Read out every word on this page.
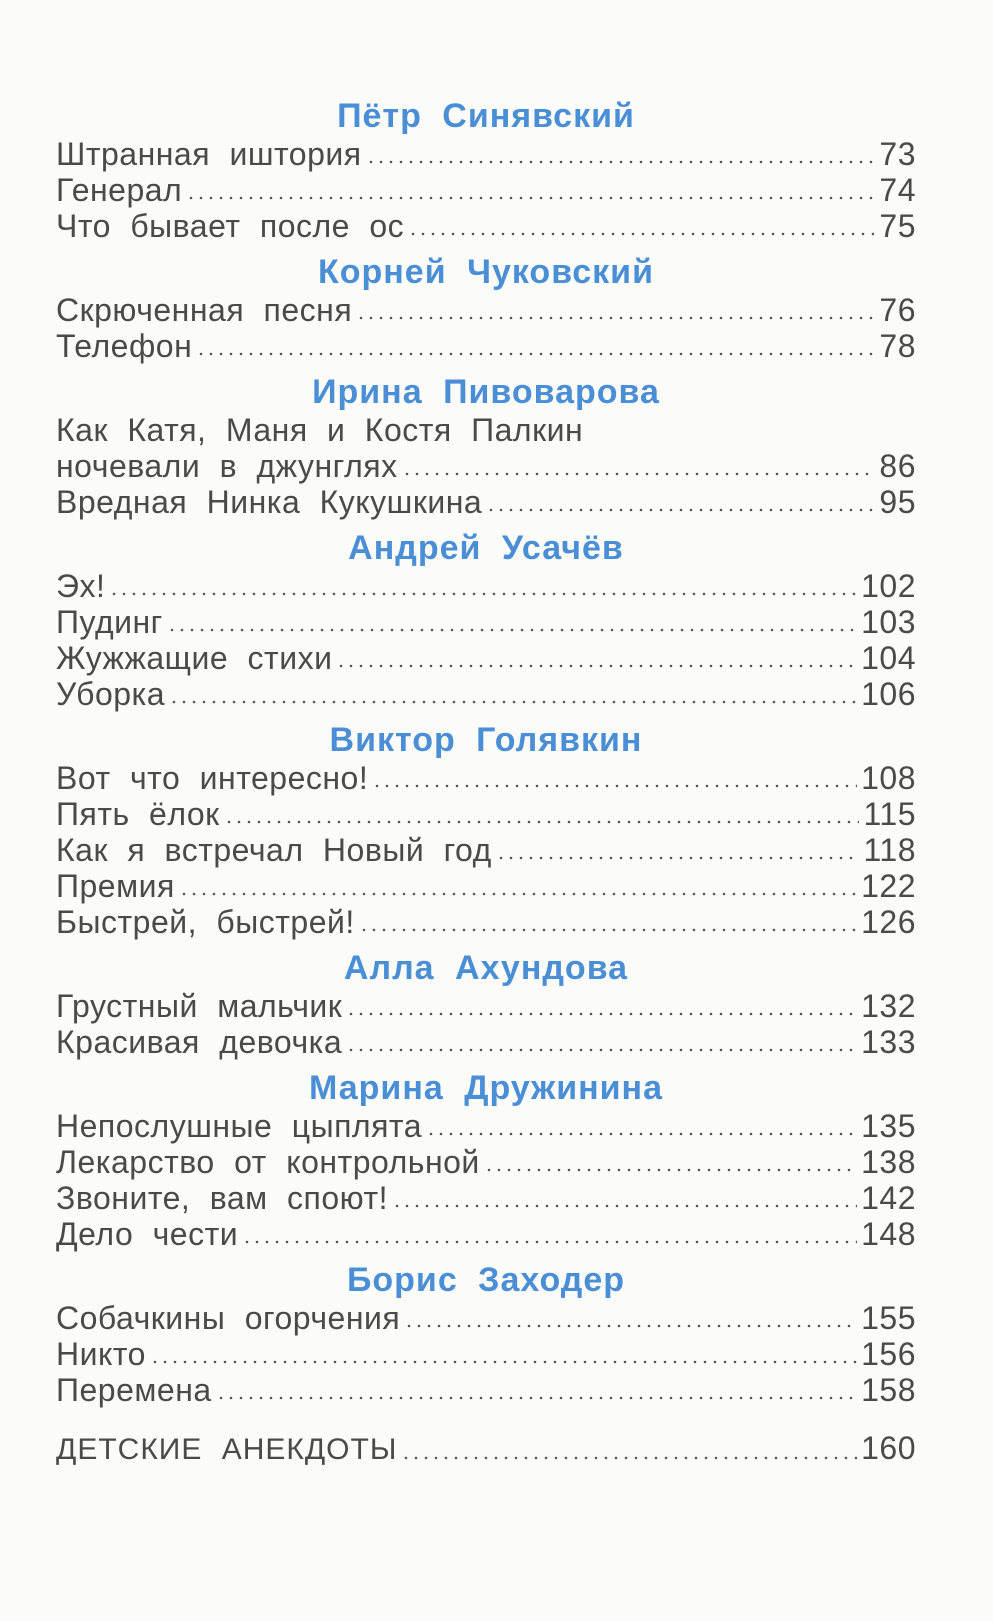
Пётр Синявский
Штранная иштория	73
Генерал	74
Что бывает после ос	75
Корней Чуковский
Скрюченная песня	76
Телефон	78
Ирина Пивоварова
Как Катя, Маня и Костя Палкин
ночевали в джунглях	86
Вредная Нинка Кукушкина	95
Андрей Усачёв
Эх!	102
Пудинг	103
Жужжащие стихи	104
Уборка	106
Виктор Голявкин
Вот что интересно!	108
Пять ёлок	115
Как я встречал Новый год	118
Премия	122
Быстрей, быстрей!	126
Алла Ахундова
Грустный мальчик	132
Красивая девочка	133
Марина Дружинина
Непослушные цыплята	135
Лекарство от контрольной	138
Звоните, вам споют!	142
Дело чести	148
Борис Заходер
Собачкины огорчения	155
Никто	156
Перемена	158
ДЕТСКИЕ АНЕКДОТЫ	160
